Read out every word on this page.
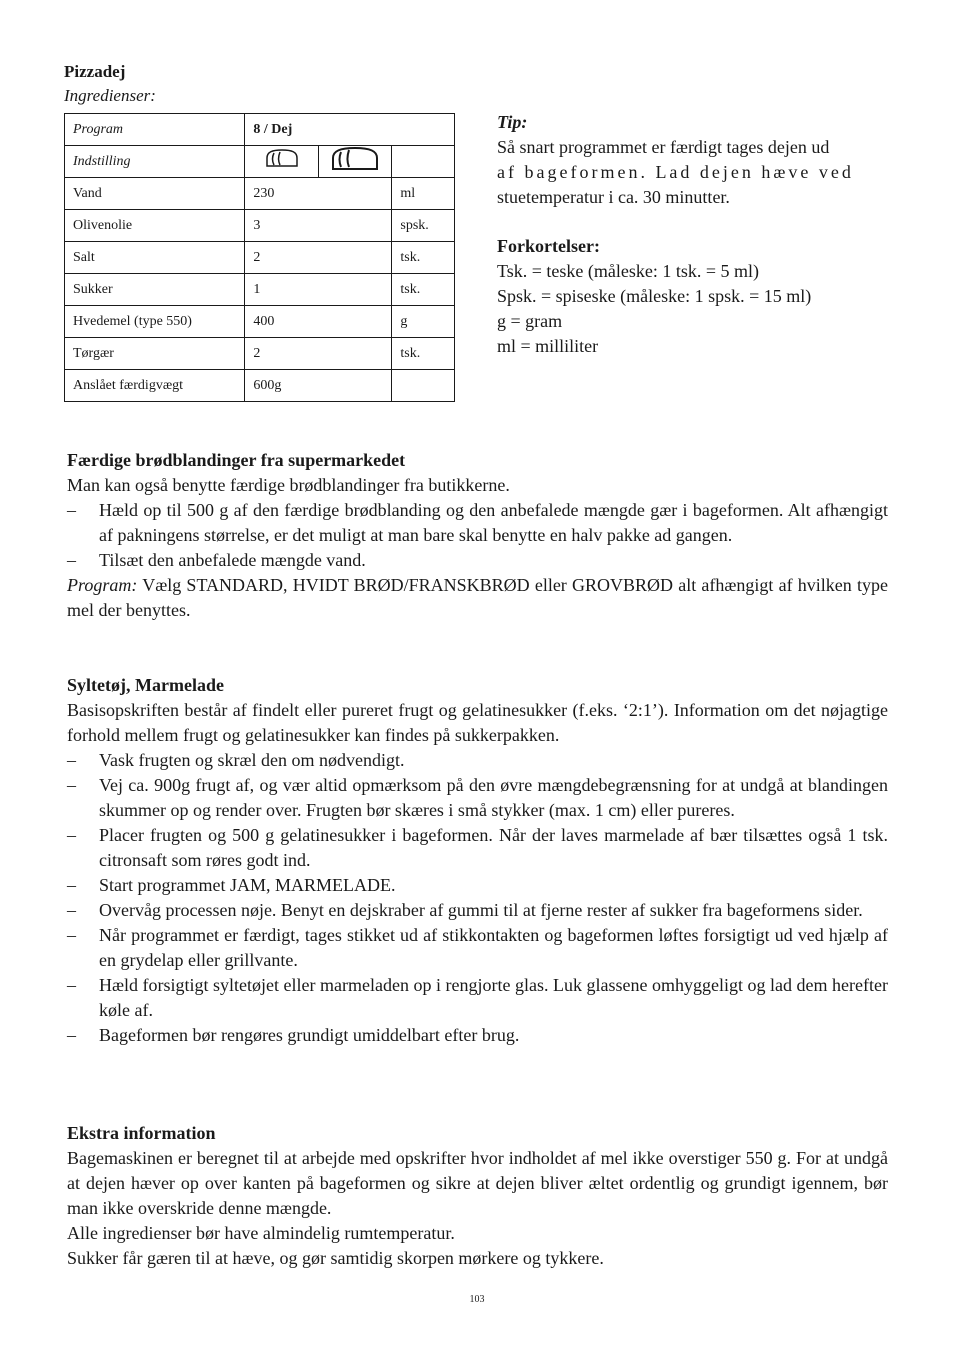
Pizzadej
Ingredienser:
Program	8 / Dej		
Indstilling			
Vand	230		ml
Olivenolie	3		spsk.
Salt	2		tsk.
Sukker	1		tsk.
Hvedemel (type 550)	400		g
Tørgær	2		tsk.
Anslået færdigvægt	600g		
Tip:
Så snart programmet er færdigt tages dejen ud
af bageformen. Lad dejen hæve ved
stuetemperatur i ca. 30 minutter.
Forkortelser:
Tsk. = teske (måleske: 1 tsk. = 5 ml)
Spsk. = spiseske (måleske: 1 spsk. = 15 ml)
g = gram
ml = milliliter
Færdige brødblandinger fra supermarkedet

Man kan også benytte færdige brødblandinger fra butikkerne.

– Hæld op til 500 g af den færdige brødblanding og den anbefalede mængde gær i bageformen. Alt afhængigt af pakningens størrelse, er det muligt at man bare skal benytte en halv pakke ad gangen.
– Tilsæt den anbefalede mængde vand.

Program: Vælg STANDARD, HVIDT BRØD/FRANSKBRØD eller GROVBRØD alt afhængigt af hvilken type mel der benyttes.

Syltetøj, Marmelade

Basisopskriften består af findelt eller pureret frugt og gelatinesukker (f.eks. ‘2:1’). Information om det nøjagtige forhold mellem frugt og gelatinesukker kan findes på sukkerpakken.

– Vask frugten og skræl den om nødvendigt.
– Vej ca. 900g frugt af, og vær altid opmærksom på den øvre mængdebegrænsning for at undgå at blandingen skummer op og render over. Frugten bør skæres i små stykker (max. 1 cm) eller pureres.
– Placer frugten og 500 g gelatinesukker i bageformen. Når der laves marmelade af bær tilsættes også 1 tsk. citronsaft som røres godt ind.
– Start programmet JAM, MARMELADE.
– Overvåg processen nøje. Benyt en dejskraber af gummi til at fjerne rester af sukker fra bageformens sider.
– Når programmet er færdigt, tages stikket ud af stikkontakten og bageformen løftes forsigtigt ud ved hjælp af en grydelap eller grillvante.
– Hæld forsigtigt syltetøjet eller marmeladen op i rengjorte glas. Luk glassene omhyggeligt og lad dem herefter køle af.
– Bageformen bør rengøres grundigt umiddelbart efter brug.
Ekstra information

Bagemaskinen er beregnet til at arbejde med opskrifter hvor indholdet af mel ikke overstiger 550 g. For at undgå at dejen hæver op over kanten på bageformen og sikre at dejen bliver æltet ordentlig og grundigt igennem, bør man ikke overskride denne mængde.

Alle ingredienser bør have almindelig rumtemperatur.

Sukker får gæren til at hæve, og gør samtidig skorpen mørkere og tykkere.

103
